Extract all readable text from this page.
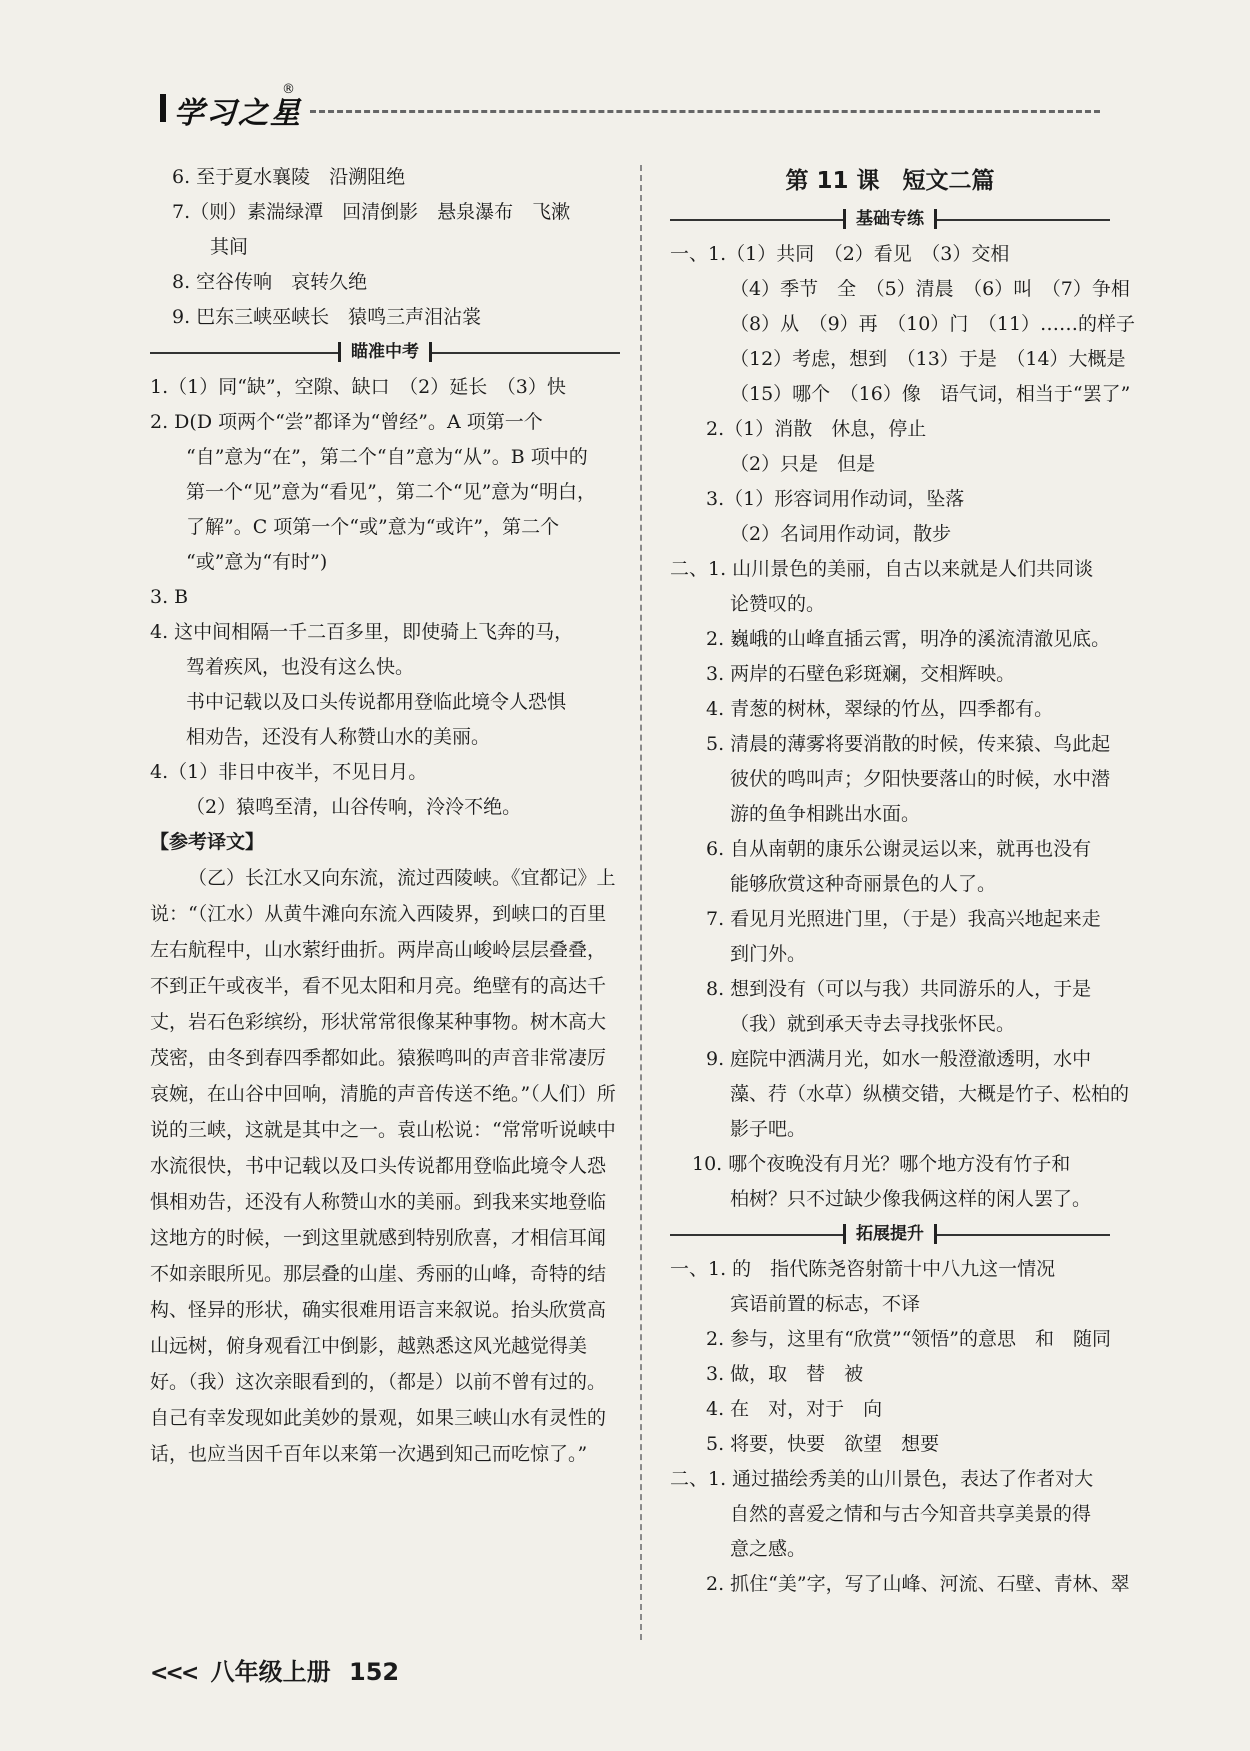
学习之星
®
6. 至于夏水襄陵　沿溯阻绝
7.（则）素湍绿潭　回清倒影　悬泉瀑布　飞漱
其间
8. 空谷传响　哀转久绝
9. 巴东三峡巫峡长　猿鸣三声泪沾裳
瞄准中考
1.（1）同“缺”，空隙、缺口　（2）延长　（3）快
2. D(D 项两个“尝”都译为“曾经”。A 项第一个
“自”意为“在”，第二个“自”意为“从”。B 项中的
第一个“见”意为“看见”，第二个“见”意为“明白，
了解”。C 项第一个“或”意为“或许”，第二个
“或”意为“有时”)
3. B
4. 这中间相隔一千二百多里，即使骑上飞奔的马，
驾着疾风，也没有这么快。
书中记载以及口头传说都用登临此境令人恐惧
相劝告，还没有人称赞山水的美丽。
4.（1）非日中夜半，不见日月。
（2）猿鸣至清，山谷传响，泠泠不绝。
【参考译文】
（乙）长江水又向东流，流过西陵峡。《宜都记》上说：“（江水）从黄牛滩向东流入西陵界，到峡口的百里左右航程中，山水萦纡曲折。两岸高山峻岭层层叠叠，不到正午或夜半，看不见太阳和月亮。绝壁有的高达千丈，岩石色彩缤纷，形状常常很像某种事物。树木高大茂密，由冬到春四季都如此。猿猴鸣叫的声音非常凄厉哀婉，在山谷中回响，清脆的声音传送不绝。”（人们）所说的三峡，这就是其中之一。袁山松说：“常常听说峡中水流很快，书中记载以及口头传说都用登临此境令人恐惧相劝告，还没有人称赞山水的美丽。到我来实地登临这地方的时候，一到这里就感到特别欣喜，才相信耳闻不如亲眼所见。那层叠的山崖、秀丽的山峰，奇特的结构、怪异的形状，确实很难用语言来叙说。抬头欣赏高山远树，俯身观看江中倒影，越熟悉这风光越觉得美好。（我）这次亲眼看到的，（都是）以前不曾有过的。自己有幸发现如此美妙的景观，如果三峡山水有灵性的话，也应当因千百年以来第一次遇到知己而吃惊了。”
第 11 课　短文二篇
基础专练
一、1.（1）共同　（2）看见　（3）交相
（4）季节　全　（5）清晨　（6）叫　（7）争相
（8）从　（9）再　（10）门　（11）……的样子
（12）考虑，想到　（13）于是　（14）大概是
（15）哪个　（16）像　语气词，相当于“罢了”
2.（1）消散　休息，停止
（2）只是　但是
3.（1）形容词用作动词，坠落
（2）名词用作动词，散步
二、1. 山川景色的美丽，自古以来就是人们共同谈
论赞叹的。
2. 巍峨的山峰直插云霄，明净的溪流清澈见底。
3. 两岸的石壁色彩斑斓，交相辉映。
4. 青葱的树林，翠绿的竹丛，四季都有。
5. 清晨的薄雾将要消散的时候，传来猿、鸟此起
彼伏的鸣叫声；夕阳快要落山的时候，水中潜
游的鱼争相跳出水面。
6. 自从南朝的康乐公谢灵运以来，就再也没有
能够欣赏这种奇丽景色的人了。
7. 看见月光照进门里，（于是）我高兴地起来走
到门外。
8. 想到没有（可以与我）共同游乐的人，于是
（我）就到承天寺去寻找张怀民。
9. 庭院中洒满月光，如水一般澄澈透明，水中
藻、荇（水草）纵横交错，大概是竹子、松柏的
影子吧。
10. 哪个夜晚没有月光？哪个地方没有竹子和
柏树？只不过缺少像我俩这样的闲人罢了。
拓展提升
一、1. 的　指代陈尧咨射箭十中八九这一情况
宾语前置的标志，不译
2. 参与，这里有“欣赏”“领悟”的意思　和　随同
3. 做，取　替　被
4. 在　对，对于　向
5. 将要，快要　欲望　想要
二、1. 通过描绘秀美的山川景色，表达了作者对大
自然的喜爱之情和与古今知音共享美景的得
意之感。
2. 抓住“美”字，写了山峰、河流、石壁、青林、翠
<<< 八年级上册 152
